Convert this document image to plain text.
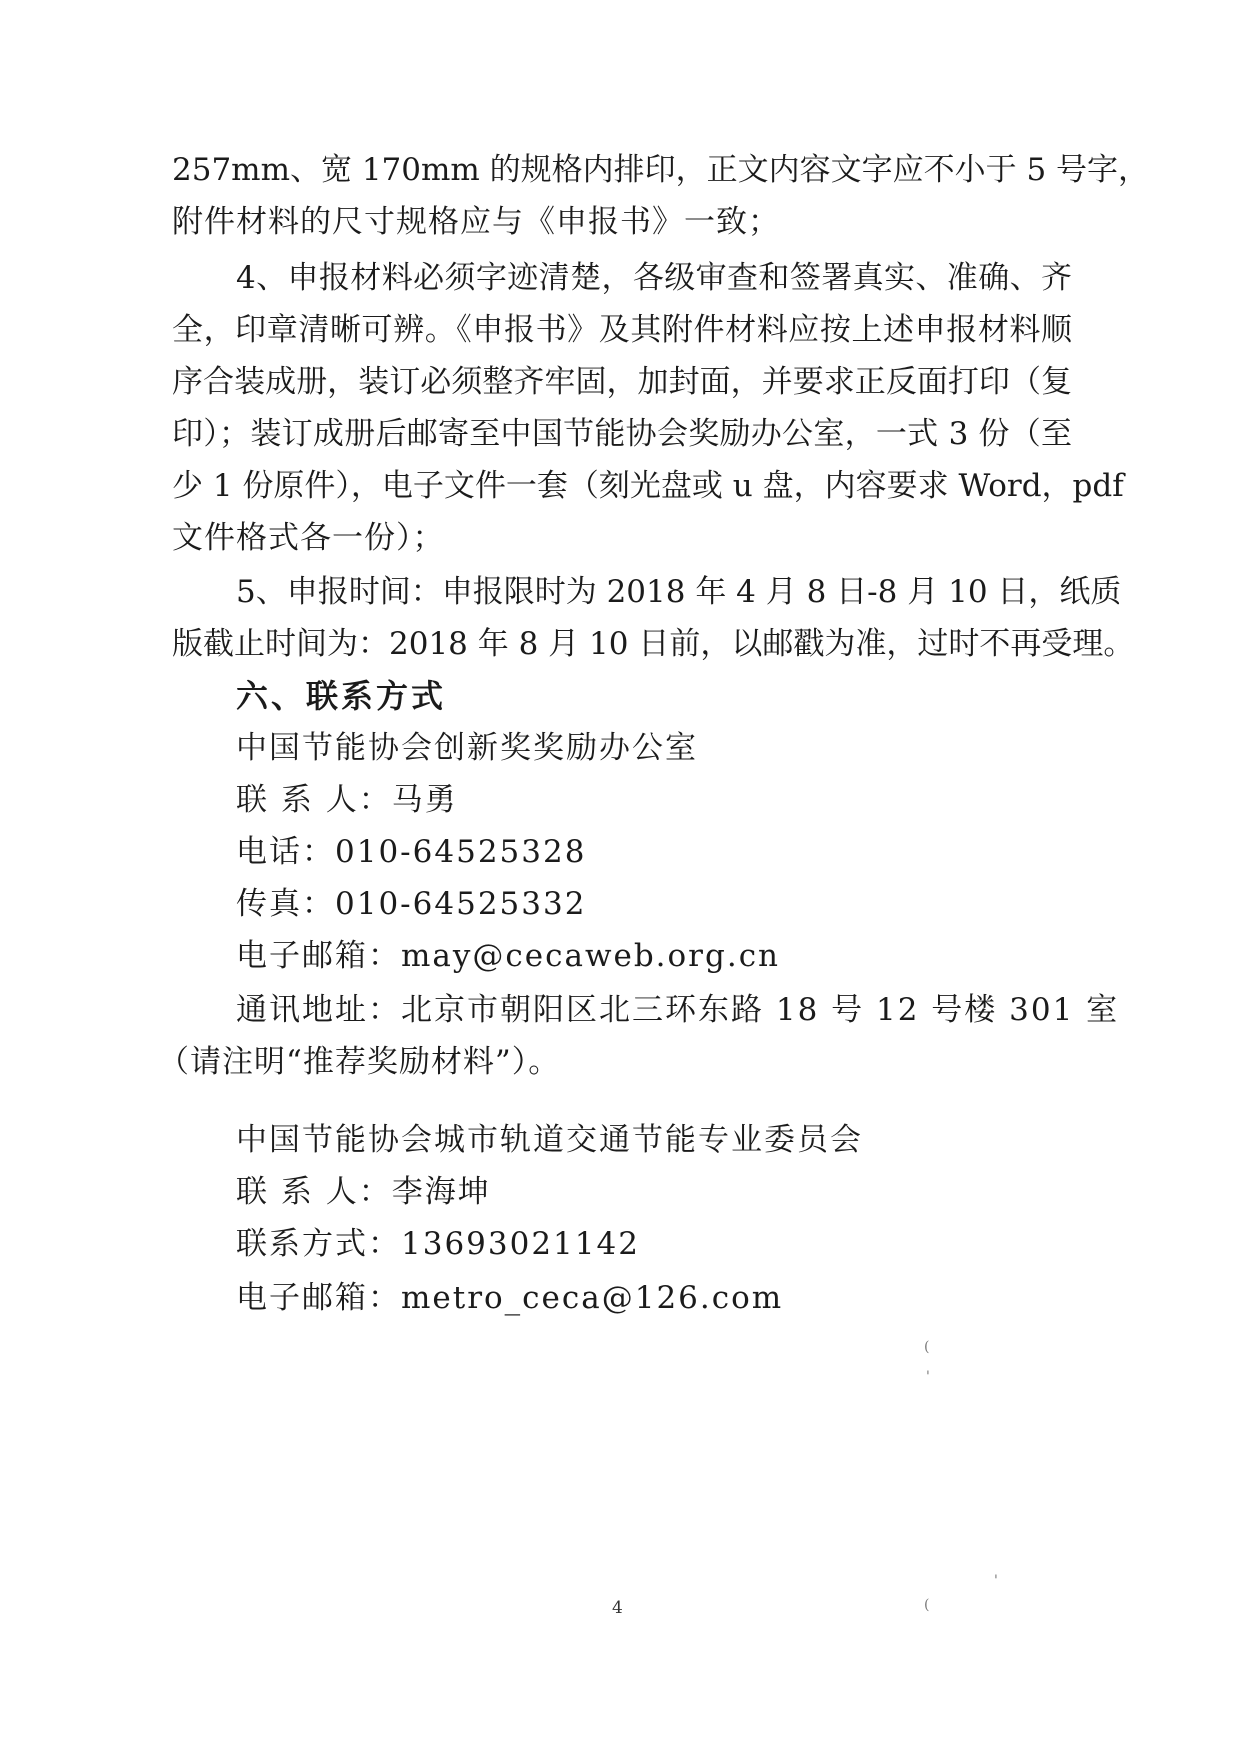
257mm、宽 170mm 的规格内排印，正文内容文字应不小于 5 号字，
附件材料的尺寸规格应与《申报书》一致；
4、申报材料必须字迹清楚，各级审查和签署真实、准确、齐
全，印章清晰可辨。《申报书》及其附件材料应按上述申报材料顺
序合装成册，装订必须整齐牢固，加封面，并要求正反面打印（复
印）；装订成册后邮寄至中国节能协会奖励办公室，一式 3 份（至
少 1 份原件），电子文件一套（刻光盘或 u 盘，内容要求 Word，pdf
文件格式各一份）；
5、申报时间：申报限时为 2018 年 4 月 8 日-8 月 10 日，纸质
版截止时间为：2018 年 8 月 10 日前，以邮戳为准，过时不再受理。
六、联系方式
中国节能协会创新奖奖励办公室
联 系 人：马勇
电话：010-64525328
传真：010-64525332
电子邮箱：may@cecaweb.org.cn
通讯地址：北京市朝阳区北三环东路 18 号 12 号楼 301 室
（请注明“推荐奖励材料”）。
中国节能协会城市轨道交通节能专业委员会
联 系 人：李海坤
联系方式：13693021142
电子邮箱：metro_ceca@126.com
(
'
'
(
4
